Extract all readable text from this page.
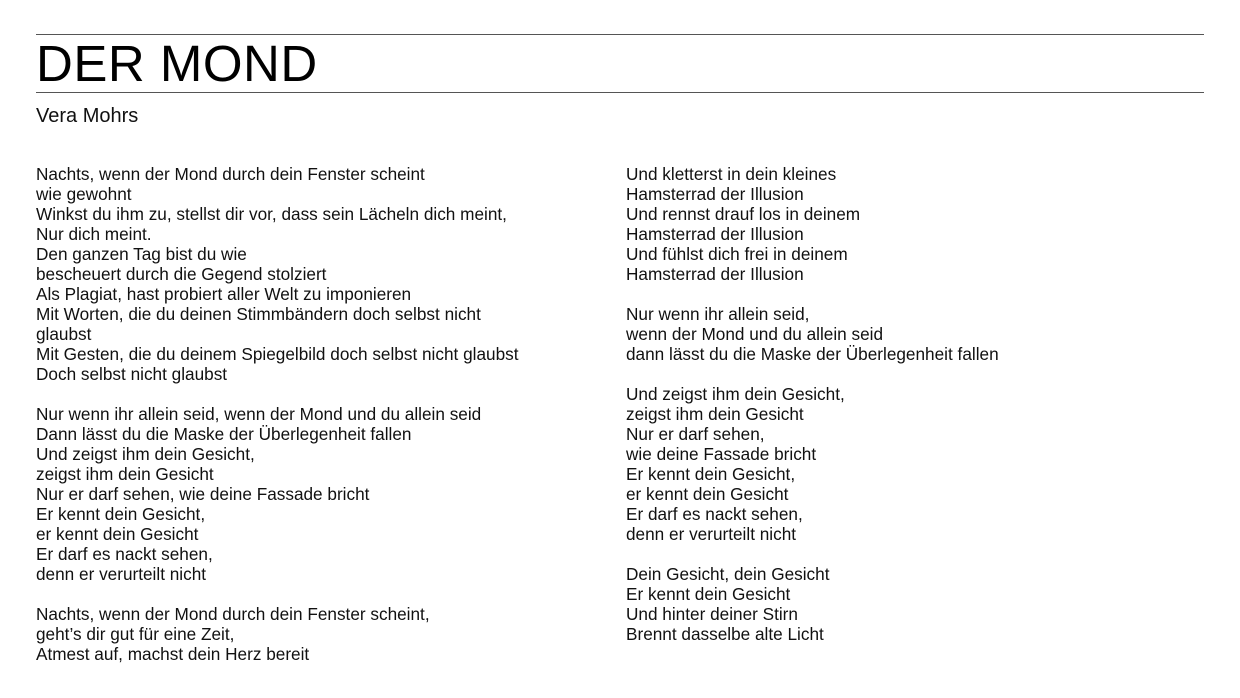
DER MOND

Vera Mohrs

Nachts, wenn der Mond durch dein Fenster scheint
wie gewohnt
Winkst du ihm zu, stellst dir vor, dass sein Lächeln dich meint,
Nur dich meint.
Den ganzen Tag bist du wie
bescheuert durch die Gegend stolziert
Als Plagiat, hast probiert aller Welt zu imponieren
Mit Worten, die du deinen Stimmbändern doch selbst nicht
glaubst
Mit Gesten, die du deinem Spiegelbild doch selbst nicht glaubst
Doch selbst nicht glaubst
Nur wenn ihr allein seid, wenn der Mond und du allein seid
Dann lässt du die Maske der Überlegenheit fallen
Und zeigst ihm dein Gesicht,
zeigst ihm dein Gesicht
Nur er darf sehen, wie deine Fassade bricht
Er kennt dein Gesicht,
er kennt dein Gesicht
Er darf es nackt sehen,
denn er verurteilt nicht
Nachts, wenn der Mond durch dein Fenster scheint,
geht’s dir gut für eine Zeit,
Atmest auf, machst dein Herz bereit
Und kletterst in dein kleines
Hamsterrad der Illusion
Und rennst drauf los in deinem
Hamsterrad der Illusion
Und fühlst dich frei in deinem
Hamsterrad der Illusion
Nur wenn ihr allein seid,
wenn der Mond und du allein seid
dann lässt du die Maske der Überlegenheit fallen
Und zeigst ihm dein Gesicht,
zeigst ihm dein Gesicht
Nur er darf sehen,
wie deine Fassade bricht
Er kennt dein Gesicht,
er kennt dein Gesicht
Er darf es nackt sehen,
denn er verurteilt nicht
Dein Gesicht, dein Gesicht
Er kennt dein Gesicht
Und hinter deiner Stirn
Brennt dasselbe alte Licht
